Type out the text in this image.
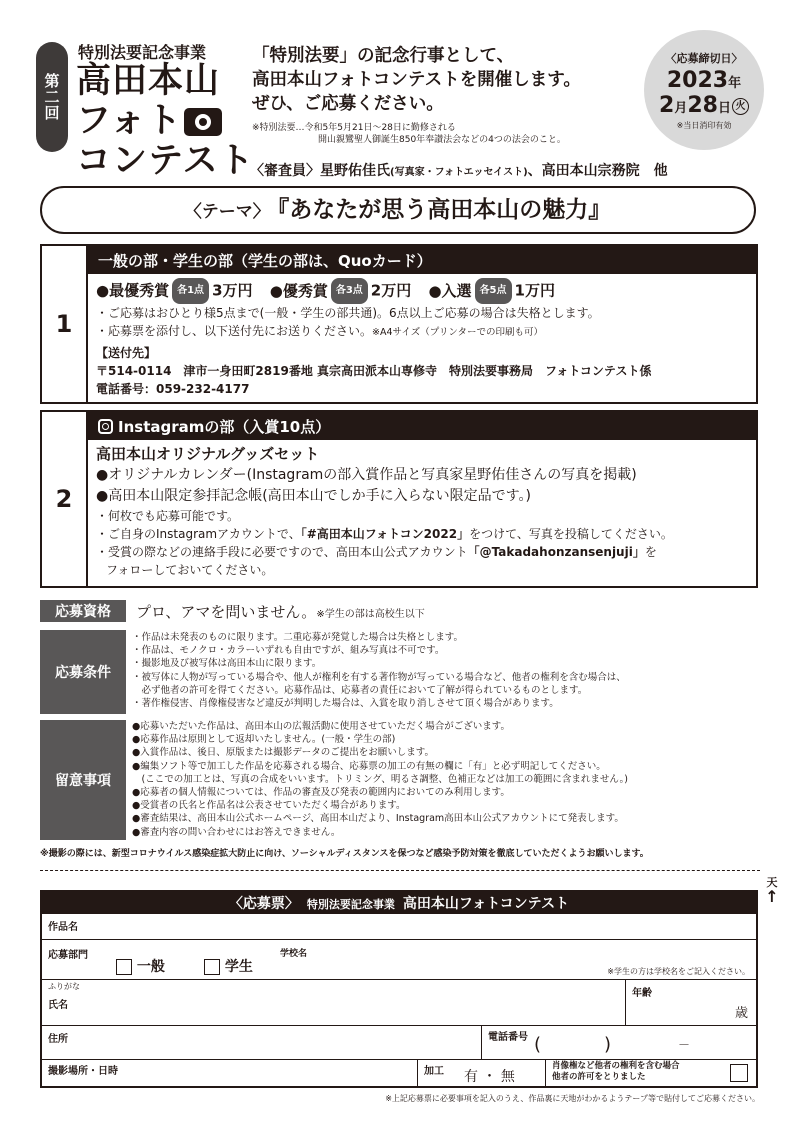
第二回
特別法要記念事業
高田本山
フォト
コンテスト
「特別法要」の記念行事として、
高田本山フォトコンテストを開催します。
ぜひ、ご応募ください。
※特別法要…令和5年5月21日～28日に勤修される
開山親鸞聖人御誕生850年奉讃法会などの4つの法会のこと。
〈審査員〉星野佑佳氏(写真家・フォトエッセイスト)、高田本山宗務院　他
〈応募締切日〉
2023年
2月28日 火
※当日消印有効
〈テーマ〉 『あなたが思う高田本山の魅力』
1
一般の部・学生の部（学生の部は、Quoカード）
●最優秀賞 各1点 3万円 ●優秀賞 各3点 2万円 ●入選 各5点 1万円
・ご応募はおひとり様5点まで(一般・学生の部共通)。6点以上ご応募の場合は失格とします。
・応募票を添付し、以下送付先にお送りください。※A4サイズ（プリンターでの印刷も可）
【送付先】
〒514-0114　津市一身田町2819番地 真宗高田派本山専修寺　特別法要事務局　フォトコンテスト係
電話番号：059-232-4177
2
Instagramの部（入賞10点）
高田本山オリジナルグッズセット
●オリジナルカレンダー(Instagramの部入賞作品と写真家星野佑佳さんの写真を掲載)
●高田本山限定参拝記念帳(高田本山でしか手に入らない限定品です。)
・何枚でも応募可能です。
・ご自身のInstagramアカウントで、「#高田本山フォトコン2022」をつけて、写真を投稿してください。
・受賞の際などの連絡手段に必要ですので、高田本山公式アカウント「@Takadahonzansenjuji」を
フォローしておいてください。
応募資格	プロ、アマを問いません。※学生の部は高校生以下
応募条件
・作品は未発表のものに限ります。二重応募が発覚した場合は失格とします。
・作品は、モノクロ・カラーいずれも自由ですが、組み写真は不可です。
・撮影地及び被写体は高田本山に限ります。
・被写体に人物が写っている場合や、他人が権利を有する著作物が写っている場合など、他者の権利を含む場合は、
　必ず他者の許可を得てください。応募作品は、応募者の責任において了解が得られているものとします。
・著作権侵害、肖像権侵害など違反が判明した場合は、入賞を取り消しさせて頂く場合があります。
留意事項
●応募いただいた作品は、高田本山の広報活動に使用させていただく場合がございます。
●応募作品は原則として返却いたしません。(一般・学生の部)
●入賞作品は、後日、原版または撮影データのご提出をお願いします。
●編集ソフト等で加工した作品を応募される場合、応募票の加工の有無の欄に「有」と必ず明記してください。
　(ここでの加工とは、写真の合成をいいます。トリミング、明るさ調整、色補正などは加工の範囲に含まれません。)
●応募者の個人情報については、作品の審査及び発表の範囲内においてのみ利用します。
●受賞者の氏名と作品名は公表させていただく場合があります。
●審査結果は、高田本山公式ホームページ、高田本山だより、Instagram高田本山公式アカウントにて発表します。
●審査内容の問い合わせにはお答えできません。
※撮影の際には、新型コロナウイルス感染症拡大防止に向け、ソーシャルディスタンスを保つなど感染予防対策を徹底していただくようお願いします。
天
↑
〈応募票〉 特別法要記念事業 高田本山フォトコンテスト
作品名
応募部門
一般	学生
学校名
※学生の方は学校名をご記入ください。
ふりがな
氏名
年齢
歳
住所	電話番号 (	)	－
撮影場所・日時	加工 有 ・ 無
肖像権など他者の権利を含む場合
他者の許可をとりました
※上記応募票に必要事項を記入のうえ、作品裏に天地がわかるようテープ等で貼付してご応募ください。
